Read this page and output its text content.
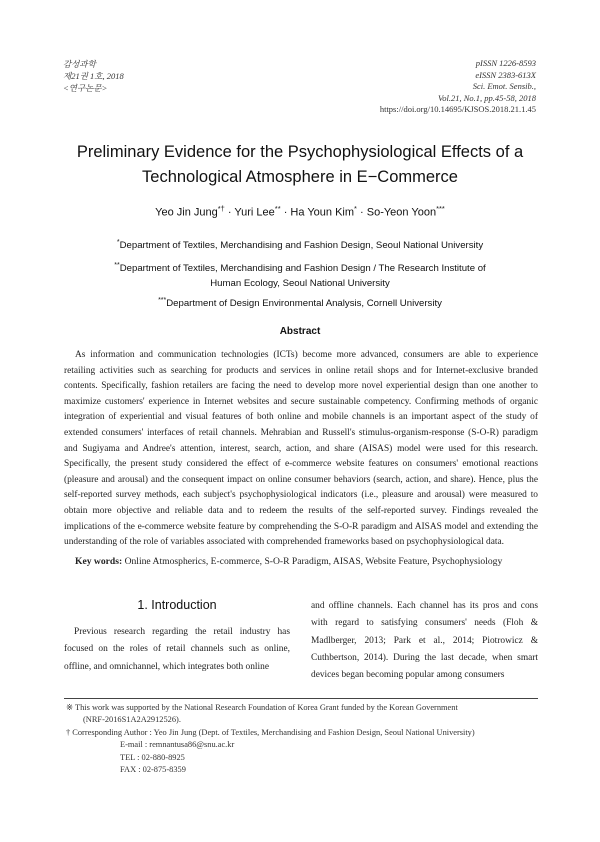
감성과학
제21권 1호, 2018
<연구논문>
pISSN 1226-8593
eISSN 2383-613X
Sci. Emot. Sensib.,
Vol.21, No.1, pp.45-58, 2018
https://doi.org/10.14695/KJSOS.2018.21.1.45
Preliminary Evidence for the Psychophysiological Effects of a
Technological Atmosphere in E−Commerce
Yeo Jin Jung*† · Yuri Lee** · Ha Youn Kim* · So-Yeon Yoon***
*Department of Textiles, Merchandising and Fashion Design, Seoul National University
**Department of Textiles, Merchandising and Fashion Design / The Research Institute of
Human Ecology, Seoul National University
***Department of Design Environmental Analysis, Cornell University
Abstract

As information and communication technologies (ICTs) become more advanced, consumers are able to experience retailing activities such as searching for products and services in online retail shops and for Internet-exclusive branded contents. Specifically, fashion retailers are facing the need to develop more novel experiential design than one another to maximize customers' experience in Internet websites and secure sustainable competency. Confirming methods of organic integration of experiential and visual features of both online and mobile channels is an important aspect of the study of extended consumers' interfaces of retail channels. Mehrabian and Russell's stimulus-organism-response (S-O-R) paradigm and Sugiyama and Andree's attention, interest, search, action, and share (AISAS) model were used for this research. Specifically, the present study considered the effect of e-commerce website features on consumers' emotional reactions (pleasure and arousal) and the consequent impact on online consumer behaviors (search, action, and share). Hence, plus the self-reported survey methods, each subject's psychophysiological indicators (i.e., pleasure and arousal) were measured to obtain more objective and reliable data and to redeem the results of the self-reported survey. Findings revealed the implications of the e-commerce website feature by comprehending the S-O-R paradigm and AISAS model and extending the understanding of the role of variables associated with comprehended frameworks based on psychophysiological data.

Key words: Online Atmospherics, E-commerce, S-O-R Paradigm, AISAS, Website Feature, Psychophysiology
1. Introduction

Previous research regarding the retail industry has focused on the roles of retail channels such as online, offline, and omnichannel, which integrates both online

and offline channels. Each channel has its pros and cons with regard to satisfying consumers' needs (Floh & Madlberger, 2013; Park et al., 2014; Piotrowicz & Cuthbertson, 2014). During the last decade, when smart devices began becoming popular among consumers

※ This work was supported by the National Research Foundation of Korea Grant funded by the Korean Government
(NRF-2016S1A2A2912526).
† Corresponding Author : Yeo Jin Jung (Dept. of Textiles, Merchandising and Fashion Design, Seoul National University)
E-mail : remnantusa86@snu.ac.kr
TEL : 02-880-8925
FAX : 02-875-8359
